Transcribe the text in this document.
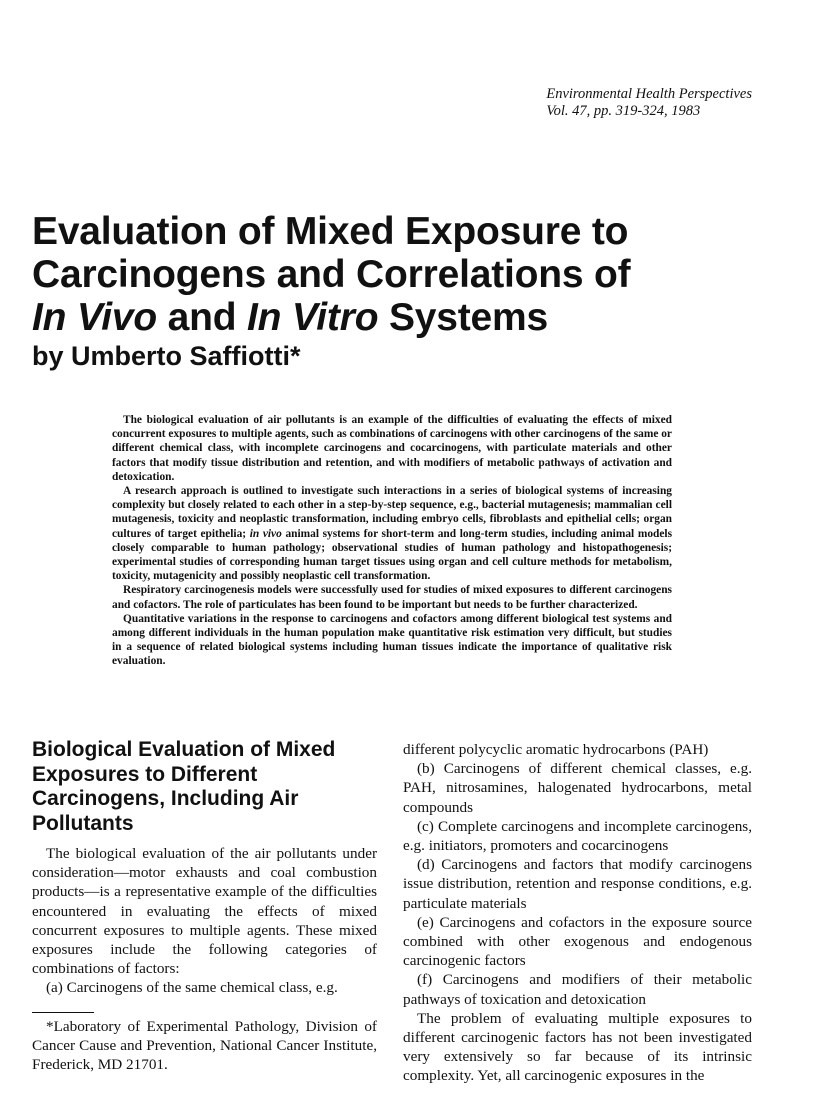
Environmental Health Perspectives
Vol. 47, pp. 319-324, 1983
Evaluation of Mixed Exposure to
Carcinogens and Correlations of
In Vivo and In Vitro Systems
by Umberto Saffiotti*

The biological evaluation of air pollutants is an example of the difficulties of evaluating the effects of mixed concurrent exposures to multiple agents, such as combinations of carcinogens with other carcinogens of the same or different chemical class, with incomplete carcinogens and cocarcinogens, with particulate materials and other factors that modify tissue distribution and retention, and with modifiers of metabolic pathways of activation and detoxication.

A research approach is outlined to investigate such interactions in a series of biological systems of increasing complexity but closely related to each other in a step-by-step sequence, e.g., bacterial mutagenesis; mammalian cell mutagenesis, toxicity and neoplastic transformation, including embryo cells, fibroblasts and epithelial cells; organ cultures of target epithelia; in vivo animal systems for short-term and long-term studies, including animal models closely comparable to human pathology; observational studies of human pathology and histopathogenesis; experimental studies of corresponding human target tissues using organ and cell culture methods for metabolism, toxicity, mutagenicity and possibly neoplastic cell transformation.

Respiratory carcinogenesis models were successfully used for studies of mixed exposures to different carcinogens and cofactors. The role of particulates has been found to be important but needs to be further characterized.

Quantitative variations in the response to carcinogens and cofactors among different biological test systems and among different individuals in the human population make quantitative risk estimation very difficult, but studies in a sequence of related biological systems including human tissues indicate the importance of qualitative risk evaluation.

Biological Evaluation of Mixed Exposures to Different Carcinogens, Including Air Pollutants

The biological evaluation of the air pollutants under consideration—motor exhausts and coal combustion products—is a representative example of the difficulties encountered in evaluating the effects of mixed concurrent exposures to multiple agents. These mixed exposures include the following categories of combinations of factors:

(a) Carcinogens of the same chemical class, e.g.

*Laboratory of Experimental Pathology, Division of Cancer Cause and Prevention, National Cancer Institute, Frederick, MD 21701.

different polycyclic aromatic hydrocarbons (PAH)

(b) Carcinogens of different chemical classes, e.g. PAH, nitrosamines, halogenated hydrocarbons, metal compounds

(c) Complete carcinogens and incomplete carcinogens, e.g. initiators, promoters and cocarcinogens

(d) Carcinogens and factors that modify carcinogens issue distribution, retention and response conditions, e.g. particulate materials

(e) Carcinogens and cofactors in the exposure source combined with other exogenous and endogenous carcinogenic factors

(f) Carcinogens and modifiers of their metabolic pathways of toxication and detoxication

The problem of evaluating multiple exposures to different carcinogenic factors has not been investigated very extensively so far because of its intrinsic complexity. Yet, all carcinogenic exposures in the
